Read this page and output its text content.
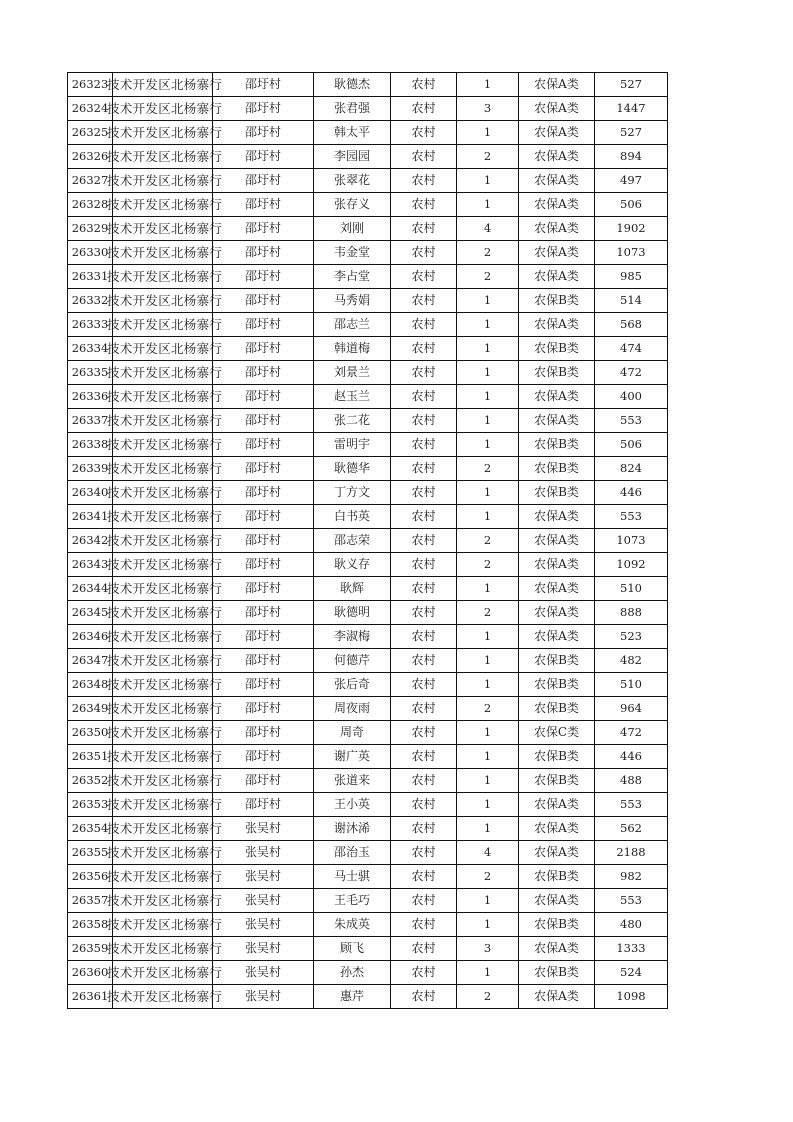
26323	技术开发区北杨寨行	邵圩村	耿德杰	农村	1	农保A类	527
26324	技术开发区北杨寨行	邵圩村	张君强	农村	3	农保A类	1447
26325	技术开发区北杨寨行	邵圩村	韩太平	农村	1	农保A类	527
26326	技术开发区北杨寨行	邵圩村	李园园	农村	2	农保A类	894
26327	技术开发区北杨寨行	邵圩村	张翠花	农村	1	农保A类	497
26328	技术开发区北杨寨行	邵圩村	张存义	农村	1	农保A类	506
26329	技术开发区北杨寨行	邵圩村	刘刚	农村	4	农保A类	1902
26330	技术开发区北杨寨行	邵圩村	韦金堂	农村	2	农保A类	1073
26331	技术开发区北杨寨行	邵圩村	李占堂	农村	2	农保A类	985
26332	技术开发区北杨寨行	邵圩村	马秀娟	农村	1	农保B类	514
26333	技术开发区北杨寨行	邵圩村	邵志兰	农村	1	农保A类	568
26334	技术开发区北杨寨行	邵圩村	韩道梅	农村	1	农保B类	474
26335	技术开发区北杨寨行	邵圩村	刘景兰	农村	1	农保B类	472
26336	技术开发区北杨寨行	邵圩村	赵玉兰	农村	1	农保A类	400
26337	技术开发区北杨寨行	邵圩村	张二花	农村	1	农保A类	553
26338	技术开发区北杨寨行	邵圩村	雷明宇	农村	1	农保B类	506
26339	技术开发区北杨寨行	邵圩村	耿德华	农村	2	农保B类	824
26340	技术开发区北杨寨行	邵圩村	丁方文	农村	1	农保B类	446
26341	技术开发区北杨寨行	邵圩村	白书英	农村	1	农保A类	553
26342	技术开发区北杨寨行	邵圩村	邵志荣	农村	2	农保A类	1073
26343	技术开发区北杨寨行	邵圩村	耿义存	农村	2	农保A类	1092
26344	技术开发区北杨寨行	邵圩村	耿辉	农村	1	农保A类	510
26345	技术开发区北杨寨行	邵圩村	耿德明	农村	2	农保A类	888
26346	技术开发区北杨寨行	邵圩村	李淑梅	农村	1	农保A类	523
26347	技术开发区北杨寨行	邵圩村	何德芹	农村	1	农保B类	482
26348	技术开发区北杨寨行	邵圩村	张后奇	农村	1	农保B类	510
26349	技术开发区北杨寨行	邵圩村	周夜雨	农村	2	农保B类	964
26350	技术开发区北杨寨行	邵圩村	周奇	农村	1	农保C类	472
26351	技术开发区北杨寨行	邵圩村	谢广英	农村	1	农保B类	446
26352	技术开发区北杨寨行	邵圩村	张道来	农村	1	农保B类	488
26353	技术开发区北杨寨行	邵圩村	王小英	农村	1	农保A类	553
26354	技术开发区北杨寨行	张吴村	谢沐浠	农村	1	农保A类	562
26355	技术开发区北杨寨行	张吴村	邵治玉	农村	4	农保A类	2188
26356	技术开发区北杨寨行	张吴村	马士骐	农村	2	农保B类	982
26357	技术开发区北杨寨行	张吴村	王毛巧	农村	1	农保A类	553
26358	技术开发区北杨寨行	张吴村	朱成英	农村	1	农保B类	480
26359	技术开发区北杨寨行	张吴村	顾飞	农村	3	农保A类	1333
26360	技术开发区北杨寨行	张吴村	孙杰	农村	1	农保B类	524
26361	技术开发区北杨寨行	张吴村	惠芹	农村	2	农保A类	1098
